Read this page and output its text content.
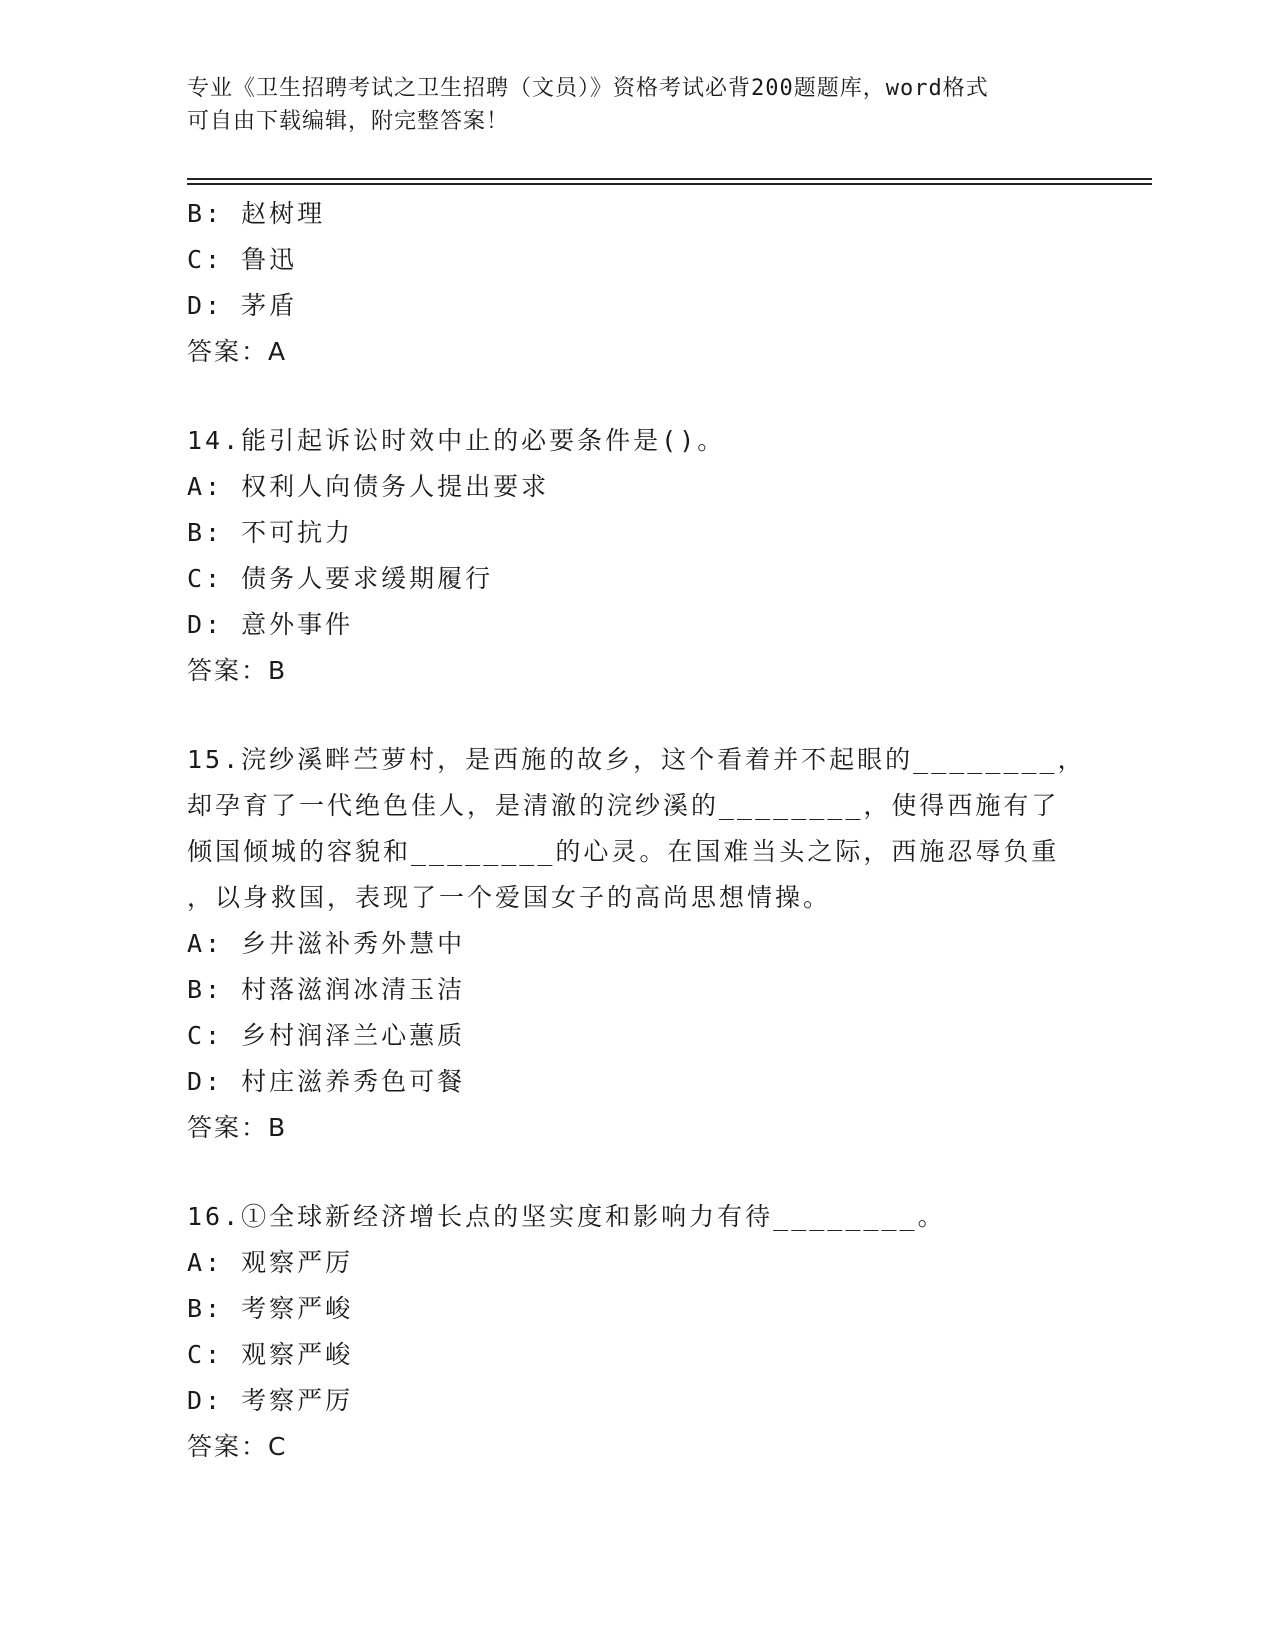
专业《卫生招聘考试之卫生招聘（文员）》资格考试必背200题题库，word格式
可自由下载编辑，附完整答案！
B: 赵树理
C: 鲁迅
D: 茅盾
答案：A
14.能引起诉讼时效中止的必要条件是()。
A: 权利人向债务人提出要求
B: 不可抗力
C: 债务人要求缓期履行
D: 意外事件
答案：B
15.浣纱溪畔苎萝村，是西施的故乡，这个看着并不起眼的________，
却孕育了一代绝色佳人，是清澈的浣纱溪的________，使得西施有了
倾国倾城的容貌和________的心灵。在国难当头之际，西施忍辱负重
，以身救国，表现了一个爱国女子的高尚思想情操。
A: 乡井滋补秀外慧中
B: 村落滋润冰清玉洁
C: 乡村润泽兰心蕙质
D: 村庄滋养秀色可餐
答案：B
16.①全球新经济增长点的坚实度和影响力有待________。
A: 观察严厉
B: 考察严峻
C: 观察严峻
D: 考察严厉
答案：C
